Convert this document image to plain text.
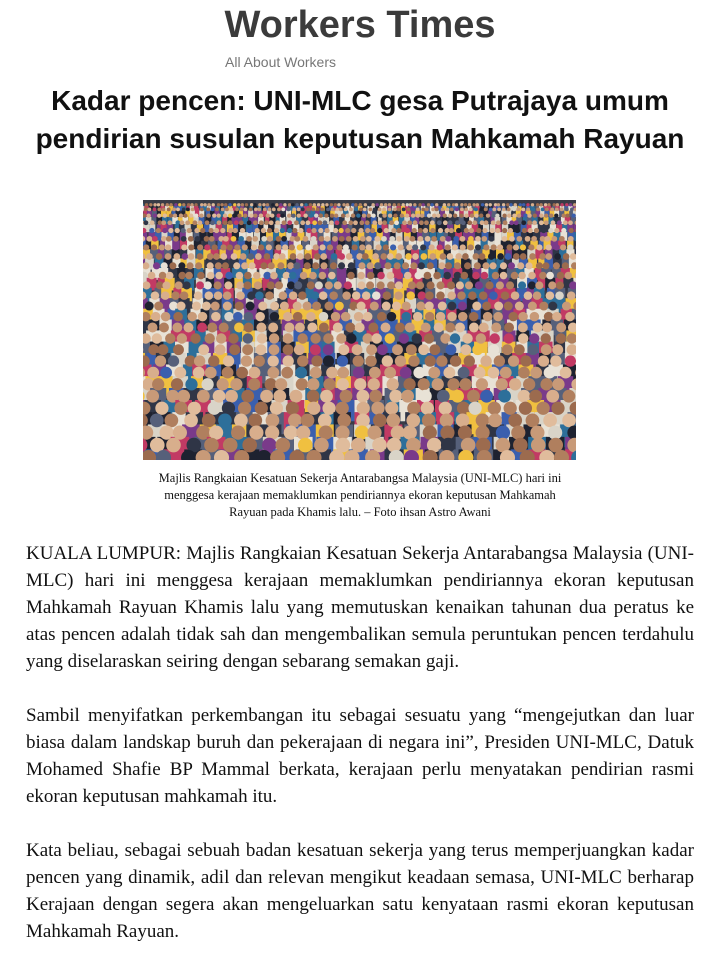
Workers Times
All About Workers
Kadar pencen: UNI-MLC gesa Putrajaya umum pendirian susulan keputusan Mahkamah Rayuan
Majlis Rangkaian Kesatuan Sekerja Antarabangsa Malaysia (UNI-MLC) hari ini menggesa kerajaan memaklumkan pendiriannya ekoran keputusan Mahkamah Rayuan pada Khamis lalu. – Foto ihsan Astro Awani

KUALA LUMPUR: Majlis Rangkaian Kesatuan Sekerja Antarabangsa Malaysia (UNI-MLC) hari ini menggesa kerajaan memaklumkan pendiriannya ekoran keputusan Mahkamah Rayuan Khamis lalu yang memutuskan kenaikan tahunan dua peratus ke atas pencen adalah tidak sah dan mengembalikan semula peruntukan pencen terdahulu yang diselaraskan seiring dengan sebarang semakan gaji.

Sambil menyifatkan perkembangan itu sebagai sesuatu yang “mengejutkan dan luar biasa dalam landskap buruh dan pekerajaan di negara ini”, Presiden UNI-MLC, Datuk Mohamed Shafie BP Mammal berkata, kerajaan perlu menyatakan pendirian rasmi ekoran keputusan mahkamah itu.

Kata beliau, sebagai sebuah badan kesatuan sekerja yang terus memperjuangkan kadar pencen yang dinamik, adil dan relevan mengikut keadaan semasa, UNI-MLC berharap Kerajaan dengan segera akan mengeluarkan satu kenyataan rasmi ekoran keputusan Mahkamah Rayuan.
